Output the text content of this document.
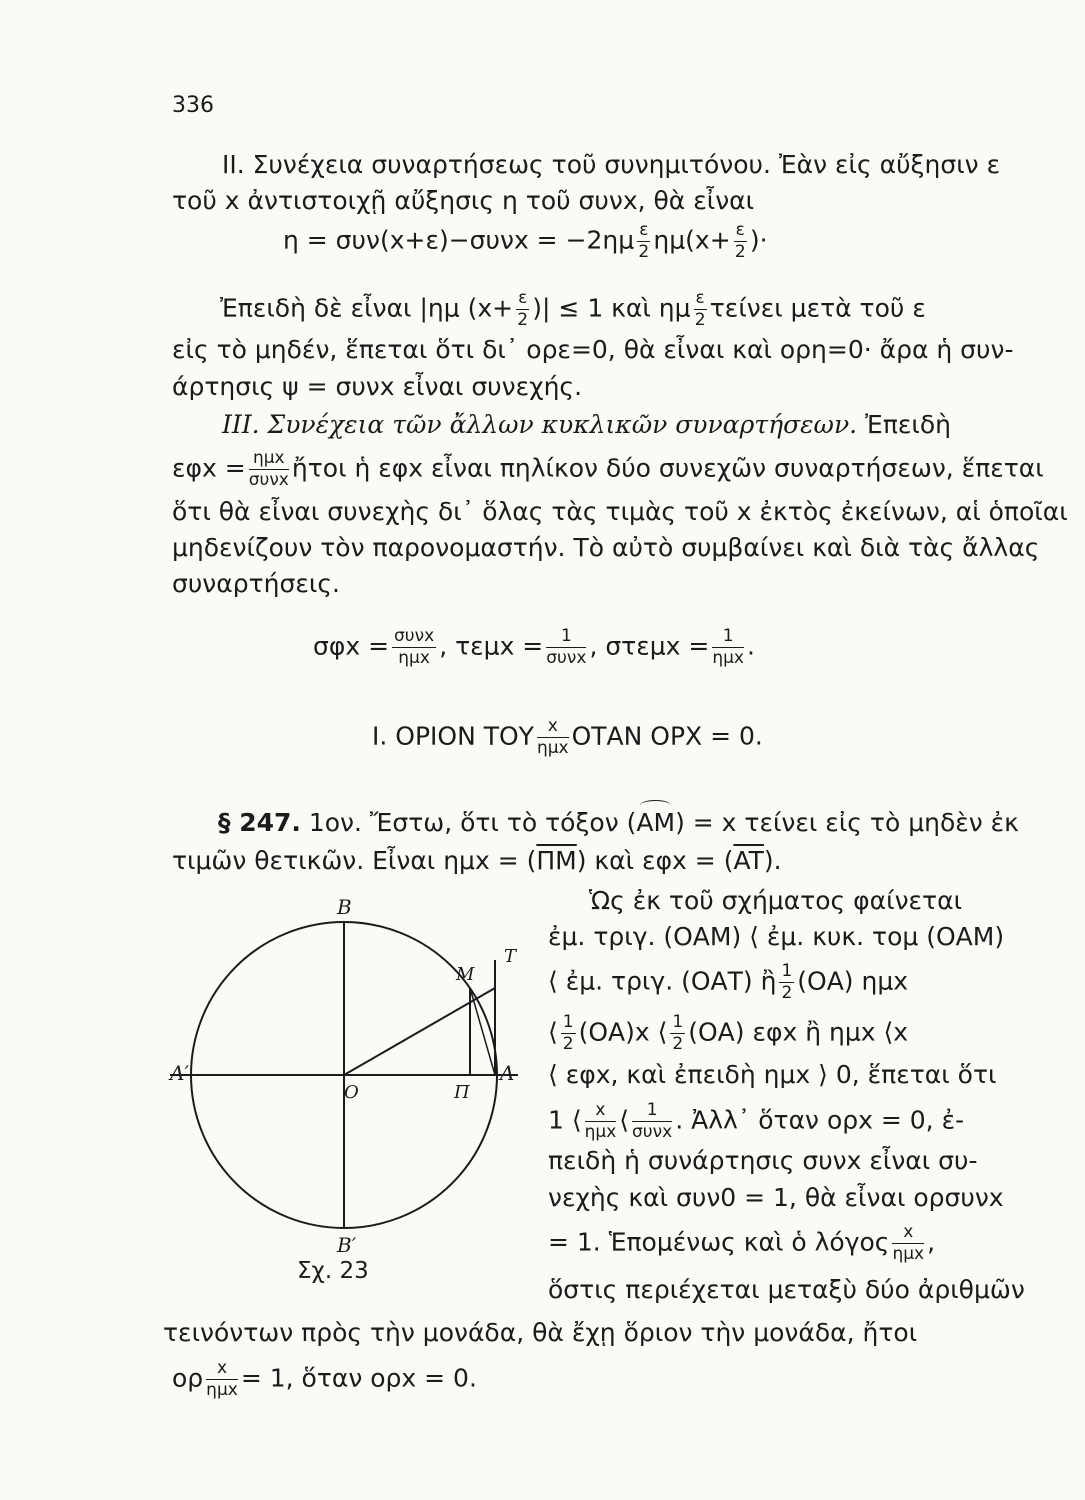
336
ΙΙ. Συνέχεια συναρτήσεως τοῦ συνημιτόνου. Ἐὰν εἰς αὔξησιν ε
τοῦ x ἀντιστοιχῇ αὔξησις η τοῦ συνx, θὰ εἶναι
$\eta = \sigma\upsilon\nu(x+\varepsilon)-\sigma\upsilon\nu x = -2\eta\mu \frac{\varepsilon}{2} \eta\mu(x+ \frac{\varepsilon}{2}$ )·
Ἐπειδὴ δὲ εἶναι |ημ ($x+ \frac{\varepsilon}{2}$ )| ≤ 1 καὶ ημ $\frac{\varepsilon}{2}$ τείνει μετὰ τοῦ ε
εἰς τὸ μηδέν, ἕπεται ὅτι δι᾽ ορε=0, θὰ εἶναι καὶ ορη=0· ἄρα ἡ συν-
άρτησις ψ = συνx εἶναι συνεχής.
ΙΙΙ. Συνέχεια τῶν ἄλλων κυκλικῶν συναρτήσεων. Ἐπειδὴ
$\varepsilon\varphi x = \frac{\text{ημx}}{\text{συνx}}$ ἤτοι ἡ εφx εἶναι πηλίκον δύο συνεχῶν συναρτήσεων, ἕπεται
ὅτι θὰ εἶναι συνεχὴς δι᾽ ὅλας τὰς τιμὰς τοῦ x ἐκτὸς ἐκείνων, αἱ ὁποῖαι
μηδενίζουν τὸν παρονομαστήν. Τὸ αὐτὸ συμβαίνει καὶ διὰ τὰς ἄλλας
συναρτήσεις.
$\sigma\varphi x = \frac{\text{συνx}}{\text{ημx}}$ , $\tau\varepsilon\mu x = \frac{1}{\text{συνx}}$ , $\sigma\tau\varepsilon\mu x = \frac{1}{\text{ημx}}$ .
Ι. ΟΡΙΟΝ ΤΟΥ $\frac{x}{\text{ημx}}$ ΟΤΑΝ ΟΡΧ = 0.
§ 247. 1ον. Ἔστω, ὅτι τὸ τόξον (AM) = x τείνει εἰς τὸ μηδὲν ἐκ
τιμῶν θετικῶν. Εἶναι $\eta\mu x = (\overline{\Pi M})$ καὶ $\varepsilon\varphi x = (\overline{AT})$.
Ὡς ἐκ τοῦ σχήματος φαίνεται
ἐμ. τριγ. (ΟΑΜ) ⟨ ἐμ. κυκ. τομ (ΟΑΜ)
⟨ ἐμ. τριγ. (ΟΑΤ) ἢ $\frac{1}{2} (OA)$ ημx
⟨ $\frac{1}{2} (OA)x$ ⟨ $\frac{1}{2} (OA)$ εφx ἢ ημx ⟨x
⟨ εφx, καὶ ἐπειδὴ ημx ⟩ 0, ἕπεται ὅτι
1 ⟨ $\frac{x}{\text{ημx}}$ ⟨ $\frac{1}{\text{συνx}}$ . Ἀλλ᾽ ὅταν ορx = 0, ἐ-
πειδὴ ἡ συνάρτησις συνx εἶναι συ-
νεχὴς καὶ συν0 = 1, θὰ εἶναι ορσυνx
= 1. Ἑπομένως καὶ ὁ λόγος $\frac{x}{\text{ημx}}$ ,
ὅστις περιέχεται μεταξὺ δύο ἀριθμῶν
τεινόντων πρὸς τὴν μονάδα, θὰ ἔχῃ ὅριον τὴν μονάδα, ἤτοι
ορ $\frac{x}{\text{ημx}} = 1$, ὅταν ορx = 0.
B
B′
A
A′
O	Π
M
T
Σχ. 23
